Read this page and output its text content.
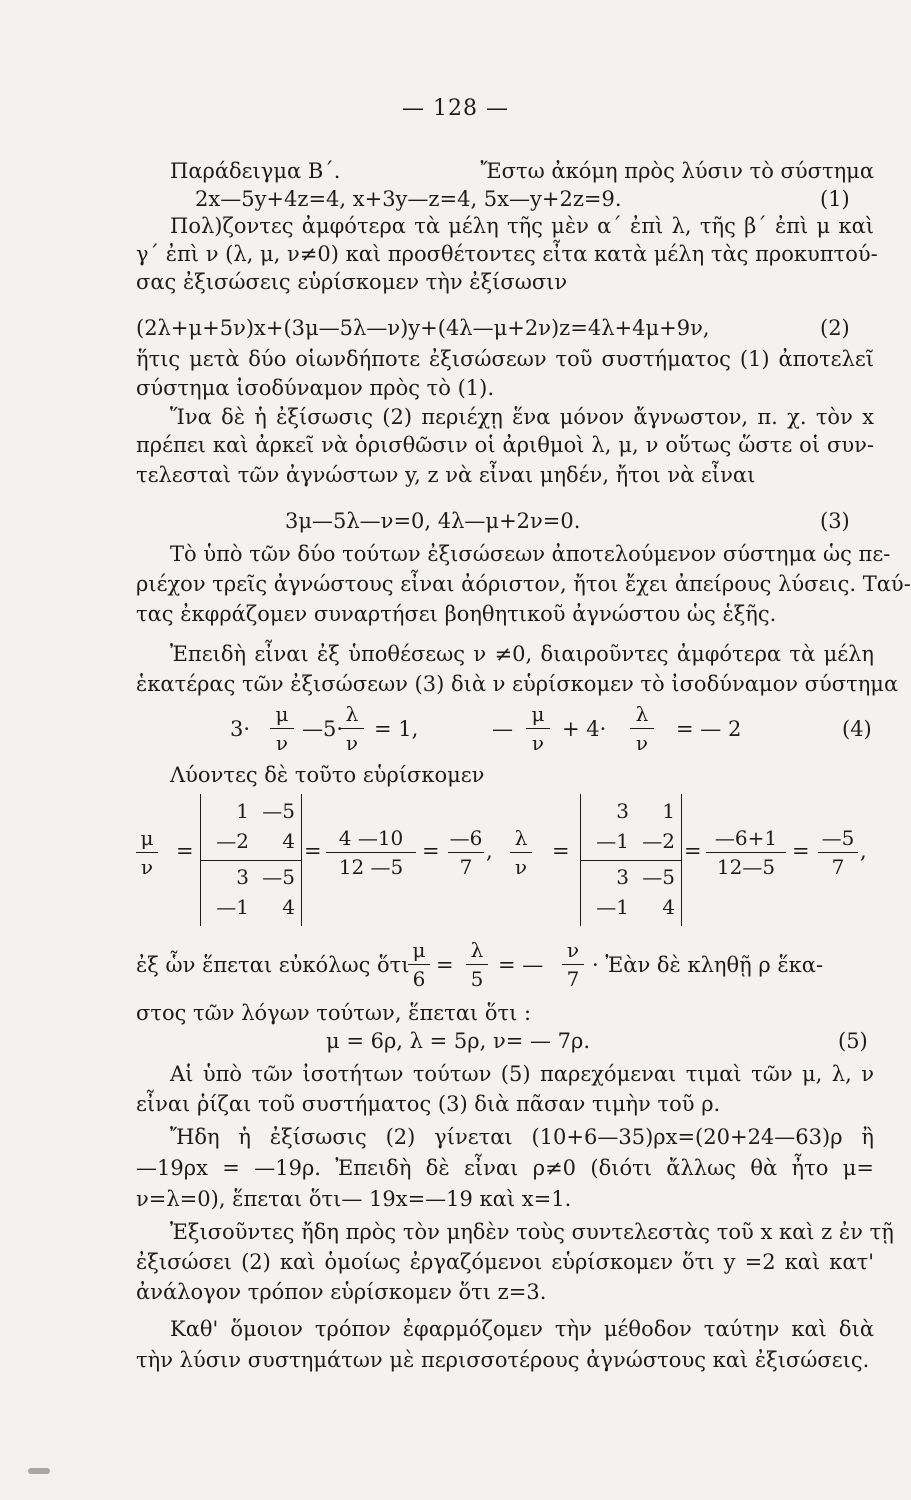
— 128 —
Παράδειγμα Β΄.	Ἔστω ἀκόμη πρὸς λύσιν τὸ σύστημα
2x—5y+4z=4, x+3y—z=4, 5x—y+2z=9.	(1)
Πολ)ζοντες ἀμφότερα τὰ μέλη τῆς μὲν α΄ ἐπὶ λ, τῆς β΄ ἐπὶ μ καὶ
γ΄ ἐπὶ ν (λ, μ, ν≠0) καὶ προσθέτοντες εἶτα κατὰ μέλη τὰς προκυπτού-
σας ἐξισώσεις εὑρίσκομεν τὴν ἐξίσωσιν
(2λ+μ+5ν)x+(3μ—5λ—ν)y+(4λ—μ+2ν)z=4λ+4μ+9ν,	(2)
ἥτις μετὰ δύο οἱωνδήποτε ἐξισώσεων τοῦ συστήματος (1) ἀποτελεῖ
σύστημα ἰσοδύναμον πρὸς τὸ (1).
Ἵνα δὲ ἡ ἐξίσωσις (2) περιέχῃ ἕνα μόνον ἄγνωστον, π. χ. τὸν x
πρέπει καὶ ἀρκεῖ νὰ ὁρισθῶσιν οἱ ἀριθμοὶ λ, μ, ν οὕτως ὥστε οἱ συν-
τελεσταὶ τῶν ἀγνώστων y, z νὰ εἶναι μηδέν, ἤτοι νὰ εἶναι
3μ—5λ—ν=0, 4λ—μ+2ν=0.	(3)
Τὸ ὑπὸ τῶν δύο τούτων ἐξισώσεων ἀποτελούμενον σύστημα ὡς πε-
ριέχον τρεῖς ἀγνώστους εἶναι ἀόριστον, ἤτοι ἔχει ἀπείρους λύσεις. Ταύ-
τας ἐκφράζομεν συναρτήσει βοηθητικοῦ ἀγνώστου ὡς ἑξῆς.
Ἐπειδὴ εἶναι ἐξ ὑποθέσεως ν ≠0, διαιροῦντες ἀμφότερα τὰ μέλη
ἑκατέρας τῶν ἐξισώσεων (3) διὰ ν εὑρίσκομεν τὸ ἰσοδύναμον σύστημα
3·
μ
ν
—5·
λ
ν
= 1,	—
μ
ν
+ 4·
λ
ν
= — 2	(4)
Λύοντες δὲ τοῦτο εὑρίσκομεν
μ
ν
=
1 —5
—2	4
3 —5
—1	4
=
4 —10
12 —5
=
—6
7
,
λ
ν
=
3	1
—1 —2
3 —5
—1	4
=
—6+1
12—5
=
—5
7
,
ἐξ ὧν ἕπεται εὐκόλως ὅτι
μ
6
=
λ
5
= —
ν
7
· Ἐὰν δὲ κληθῇ ρ ἕκα-
στος τῶν λόγων τούτων, ἕπεται ὅτι :
μ = 6ρ, λ = 5ρ, ν= — 7ρ.	(5)
Αἱ ὑπὸ τῶν ἰσοτήτων τούτων (5) παρεχόμεναι τιμαὶ τῶν μ, λ, ν
εἶναι ῥίζαι τοῦ συστήματος (3) διὰ πᾶσαν τιμὴν τοῦ ρ.
Ἤδη ἡ ἐξίσωσις (2) γίνεται (10+6—35)ρx=(20+24—63)ρ ἢ
—19ρx = —19ρ. Ἐπειδὴ δὲ εἶναι ρ≠0 (διότι ἄλλως θὰ ἦτο μ=
ν=λ=0), ἕπεται ὅτι— 19x=—19 καὶ x=1.
Ἐξισοῦντες ἤδη πρὸς τὸν μηδὲν τοὺς συντελεστὰς τοῦ x καὶ z ἐν τῇ
ἐξισώσει (2) καὶ ὁμοίως ἐργαζόμενοι εὑρίσκομεν ὅτι y =2 καὶ κατ'
ἀνάλογον τρόπον εὑρίσκομεν ὅτι z=3.
Καθ' ὅμοιον τρόπον ἐφαρμόζομεν τὴν μέθοδον ταύτην καὶ διὰ
τὴν λύσιν συστημάτων μὲ περισσοτέρους ἀγνώστους καὶ ἐξισώσεις.
